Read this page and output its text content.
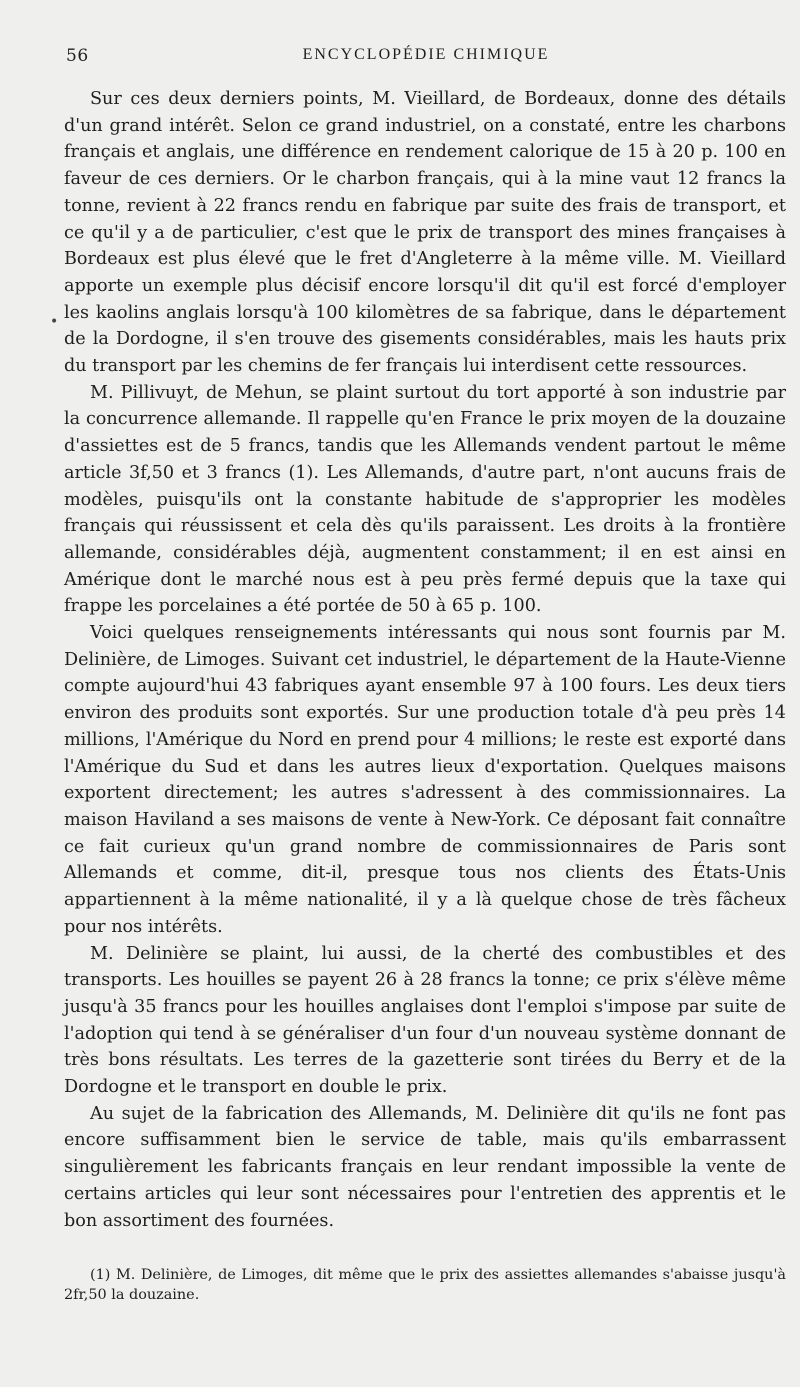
56	ENCYCLOPÉDIE CHIMIQUE
•

Sur ces deux derniers points, M. Vieillard, de Bordeaux, donne des détails d'un grand intérêt. Selon ce grand industriel, on a constaté, entre les charbons français et anglais, une différence en rendement calorique de 15 à 20 p. 100 en faveur de ces derniers. Or le charbon français, qui à la mine vaut 12 francs la tonne, revient à 22 francs rendu en fabrique par suite des frais de transport, et ce qu'il y a de particulier, c'est que le prix de transport des mines françaises à Bordeaux est plus élevé que le fret d'Angleterre à la même ville. M. Vieillard apporte un exemple plus décisif encore lorsqu'il dit qu'il est forcé d'employer les kaolins anglais lorsqu'à 100 kilomètres de sa fabrique, dans le département de la Dordogne, il s'en trouve des gisements considérables, mais les hauts prix du transport par les chemins de fer français lui interdisent cette ressources.

M. Pillivuyt, de Mehun, se plaint surtout du tort apporté à son industrie par la concurrence allemande. Il rappelle qu'en France le prix moyen de la douzaine d'assiettes est de 5 francs, tandis que les Allemands vendent partout le même article 3f,50 et 3 francs (1). Les Allemands, d'autre part, n'ont aucuns frais de modèles, puisqu'ils ont la constante habitude de s'approprier les modèles français qui réussissent et cela dès qu'ils paraissent. Les droits à la frontière allemande, considérables déjà, augmentent constamment; il en est ainsi en Amérique dont le marché nous est à peu près fermé depuis que la taxe qui frappe les porcelaines a été portée de 50 à 65 p. 100.

Voici quelques renseignements intéressants qui nous sont fournis par M. Delinière, de Limoges. Suivant cet industriel, le département de la Haute-Vienne compte aujourd'hui 43 fabriques ayant ensemble 97 à 100 fours. Les deux tiers environ des produits sont exportés. Sur une production totale d'à peu près 14 millions, l'Amérique du Nord en prend pour 4 millions; le reste est exporté dans l'Amérique du Sud et dans les autres lieux d'exportation. Quelques maisons exportent directement; les autres s'adressent à des commissionnaires. La maison Haviland a ses maisons de vente à New-York. Ce déposant fait connaître ce fait curieux qu'un grand nombre de commissionnaires de Paris sont Allemands et comme, dit-il, presque tous nos clients des États-Unis appartiennent à la même nationalité, il y a là quelque chose de très fâcheux pour nos intérêts.

M. Delinière se plaint, lui aussi, de la cherté des combustibles et des transports. Les houilles se payent 26 à 28 francs la tonne; ce prix s'élève même jusqu'à 35 francs pour les houilles anglaises dont l'emploi s'impose par suite de l'adoption qui tend à se généraliser d'un four d'un nouveau système donnant de très bons résultats. Les terres de la gazetterie sont tirées du Berry et de la Dordogne et le transport en double le prix.

Au sujet de la fabrication des Allemands, M. Delinière dit qu'ils ne font pas encore suffisamment bien le service de table, mais qu'ils embarrassent singulièrement les fabricants français en leur rendant impossible la vente de certains articles qui leur sont nécessaires pour l'entretien des apprentis et le bon assortiment des fournées.

(1) M. Delinière, de Limoges, dit même que le prix des assiettes allemandes s'abaisse jusqu'à 2fr,50 la douzaine.
